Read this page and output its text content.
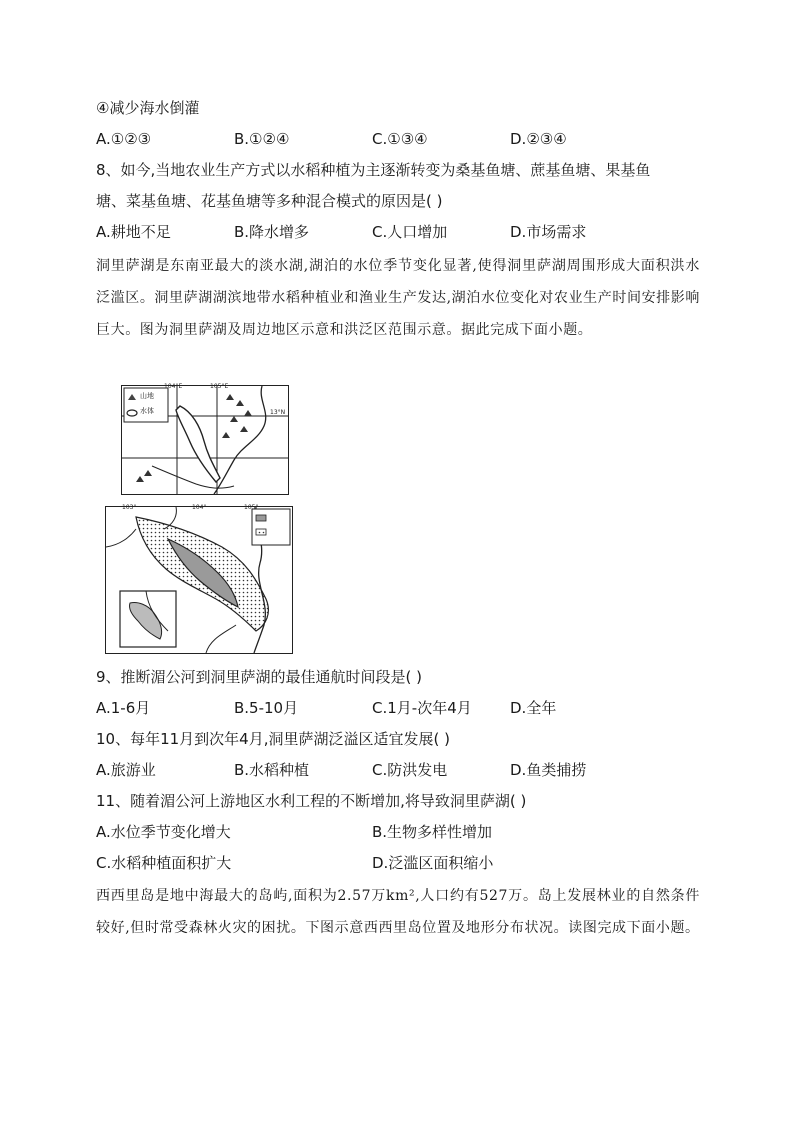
④减少海水倒灌
A.①②③	B.①②④	C.①③④	D.②③④
8、如今,当地农业生产方式以水稻种植为主逐渐转变为桑基鱼塘、蔗基鱼塘、果基鱼
塘、菜基鱼塘、花基鱼塘等多种混合模式的原因是( )
A.耕地不足	B.降水增多	C.人口增加	D.市场需求
洞里萨湖是东南亚最大的淡水湖,湖泊的水位季节变化显著,使得洞里萨湖周围形成大面积洪水泛滥区。洞里萨湖湖滨地带水稻种植业和渔业生产发达,湖泊水位变化对农业生产时间安排影响巨大。图为洞里萨湖及周边地区示意和洪泛区范围示意。据此完成下面小题。
104°E	105°E
13°N
山地
水体
103°	104°	105°
9、推断湄公河到洞里萨湖的最佳通航时间段是( )
A.1-6月	B.5-10月	C.1月-次年4月	D.全年
10、每年11月到次年4月,洞里萨湖泛溢区适宜发展( )
A.旅游业	B.水稻种植	C.防洪发电	D.鱼类捕捞
11、随着湄公河上游地区水利工程的不断增加,将导致洞里萨湖( )
A.水位季节变化增大	B.生物多样性增加
C.水稻种植面积扩大	D.泛滥区面积缩小
西西里岛是地中海最大的岛屿,面积为2.57万km²,人口约有527万。岛上发展林业的自然条件较好,但时常受森林火灾的困扰。下图示意西西里岛位置及地形分布状况。读图完成下面小题。
